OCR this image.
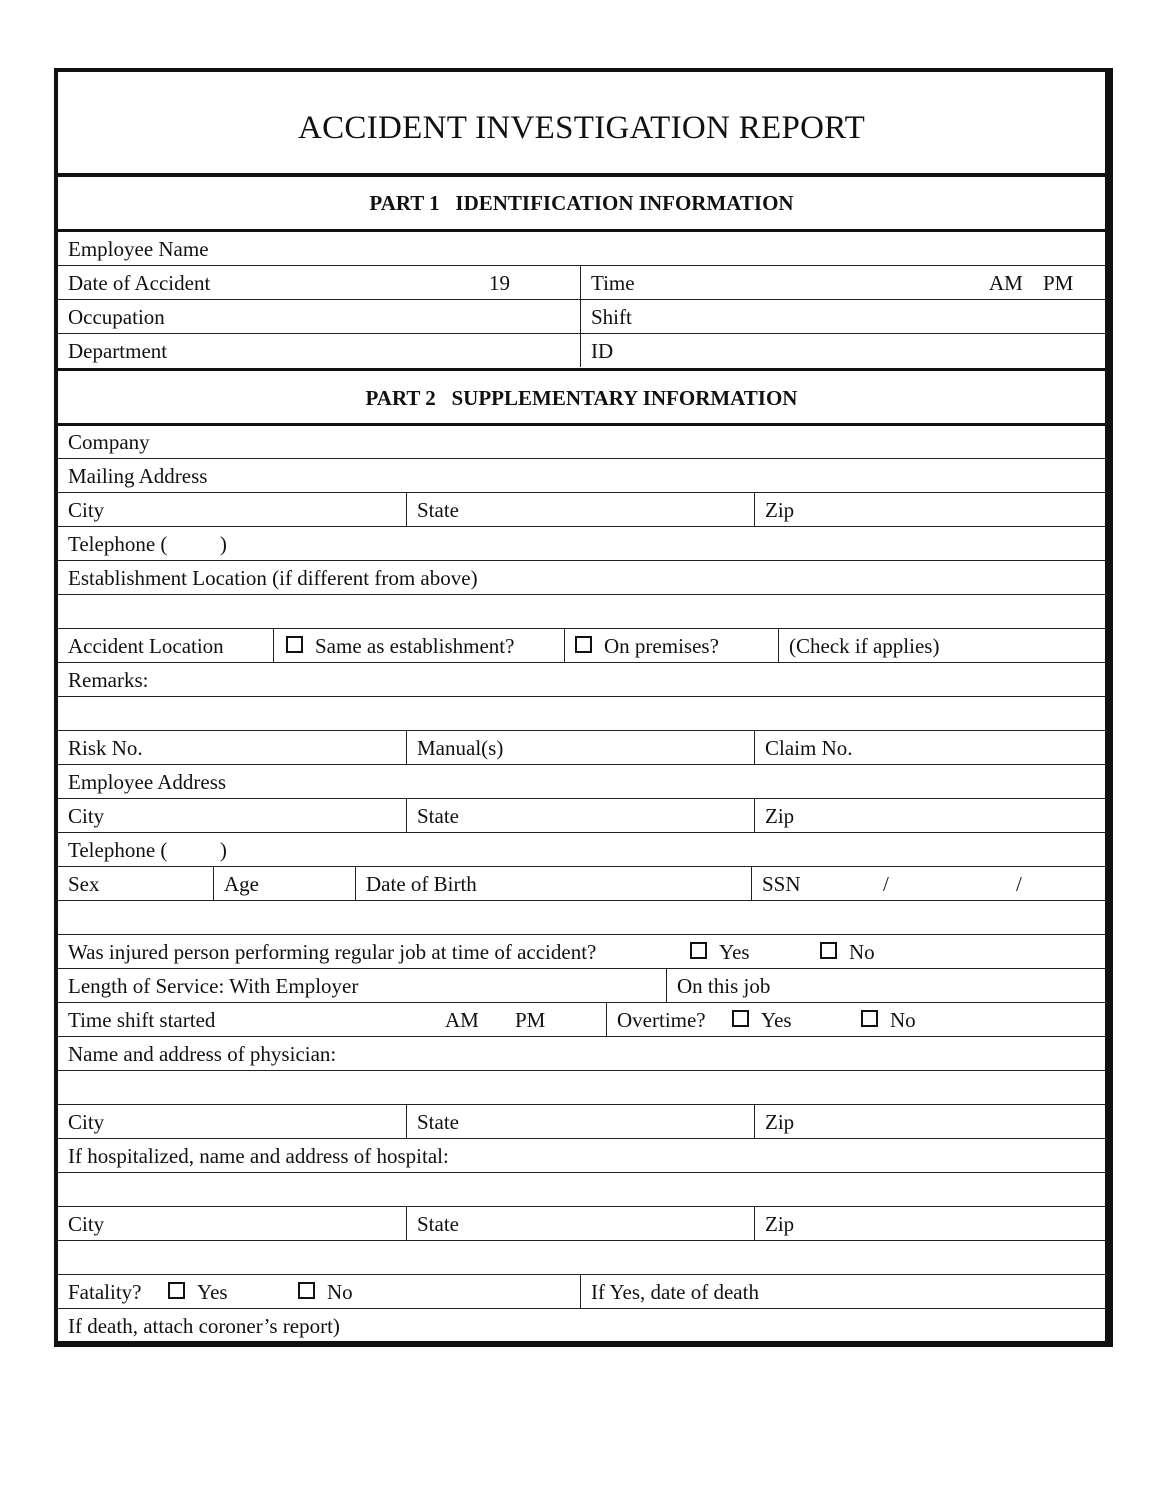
ACCIDENT INVESTIGATION REPORT
PART 1   IDENTIFICATION INFORMATION
Employee Name
Date of Accident	19	Time	AM PM
Occupation	Shift
Department	ID
PART 2   SUPPLEMENTARY INFORMATION
Company
Mailing Address
City	State	Zip
Telephone (          )
Establishment Location (if different from above)
Accident Location	Same as establishment?	On premises?	(Check if applies)
Remarks:
Risk No.	Manual(s)	Claim No.
Employee Address
City	State	Zip
Telephone (          )
Sex	Age	Date of Birth	SSN	/	/
Was injured person performing regular job at time of accident?	Yes	No
Length of Service: With Employer	On this job
Time shift started	AM PM	Overtime?	Yes	No
Name and address of physician:
City	State	Zip
If hospitalized, name and address of hospital:
City	State	Zip
Fatality?	Yes	No	If Yes, date of death
If death, attach coroner’s report)
